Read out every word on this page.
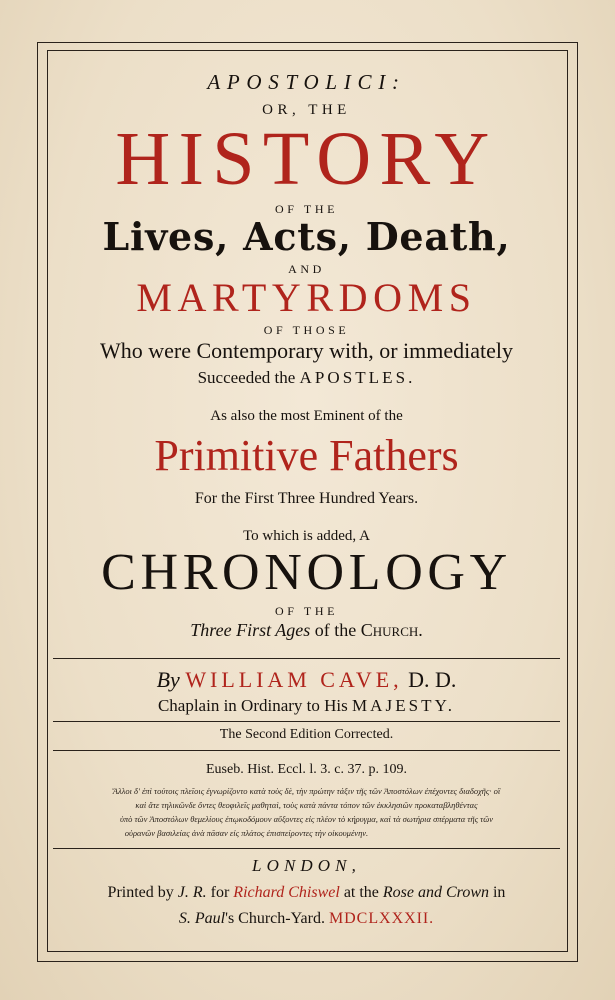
APOSTOLICI:
OR, THE
HISTORY
OF THE
Lives, Acts, Death,
AND
MARTYRDOMS
OF THOSE
Who were Contemporary with, or immediately
Succeeded the APOSTLES.
As also the most Eminent of the
Primitive Fathers
For the First Three Hundred Years.
To which is added, A
CHRONOLOGY
OF THE
Three First Ages of the Church.
By WILLIAM CAVE, D. D.
Chaplain in Ordinary to His MAJESTY.
The Second Edition Corrected.
Euseb. Hist. Eccl. l. 3. c. 37. p. 109.
Ἄλλοι δ' ἐπὶ τούτοις πλεῖοις ἐγνωρίζοντο κατὰ τοὺς δὲ, τὴν πρώτην τάξιν τῆς τῶν Ἀποστόλων ἐπέχοντες διαδοχῆς· οἳ
καὶ ἅτε τηλικῶνδε ὄντες θεοφιλεῖς μαθηταὶ, τοὺς κατὰ πάντα τόπον τῶν ἐκκλησιῶν προκαταβληθέντας
ὑπὸ τῶν Ἀποστόλων θεμελίους ἐπῳκοδόμουν αὔξοντες εἰς πλέον τὸ κήρυγμα, καὶ τὰ σωτήρια σπέρματα τῆς τῶν
οὐρανῶν βασιλείας ἀνὰ πᾶσαν εἰς πλάτος ἐπισπείροντες τὴν οἰκουμένην.
LONDON,
Printed by J. R. for Richard Chiswel at the Rose and Crown in
S. Paul's Church-Yard. MDCLXXXII.
